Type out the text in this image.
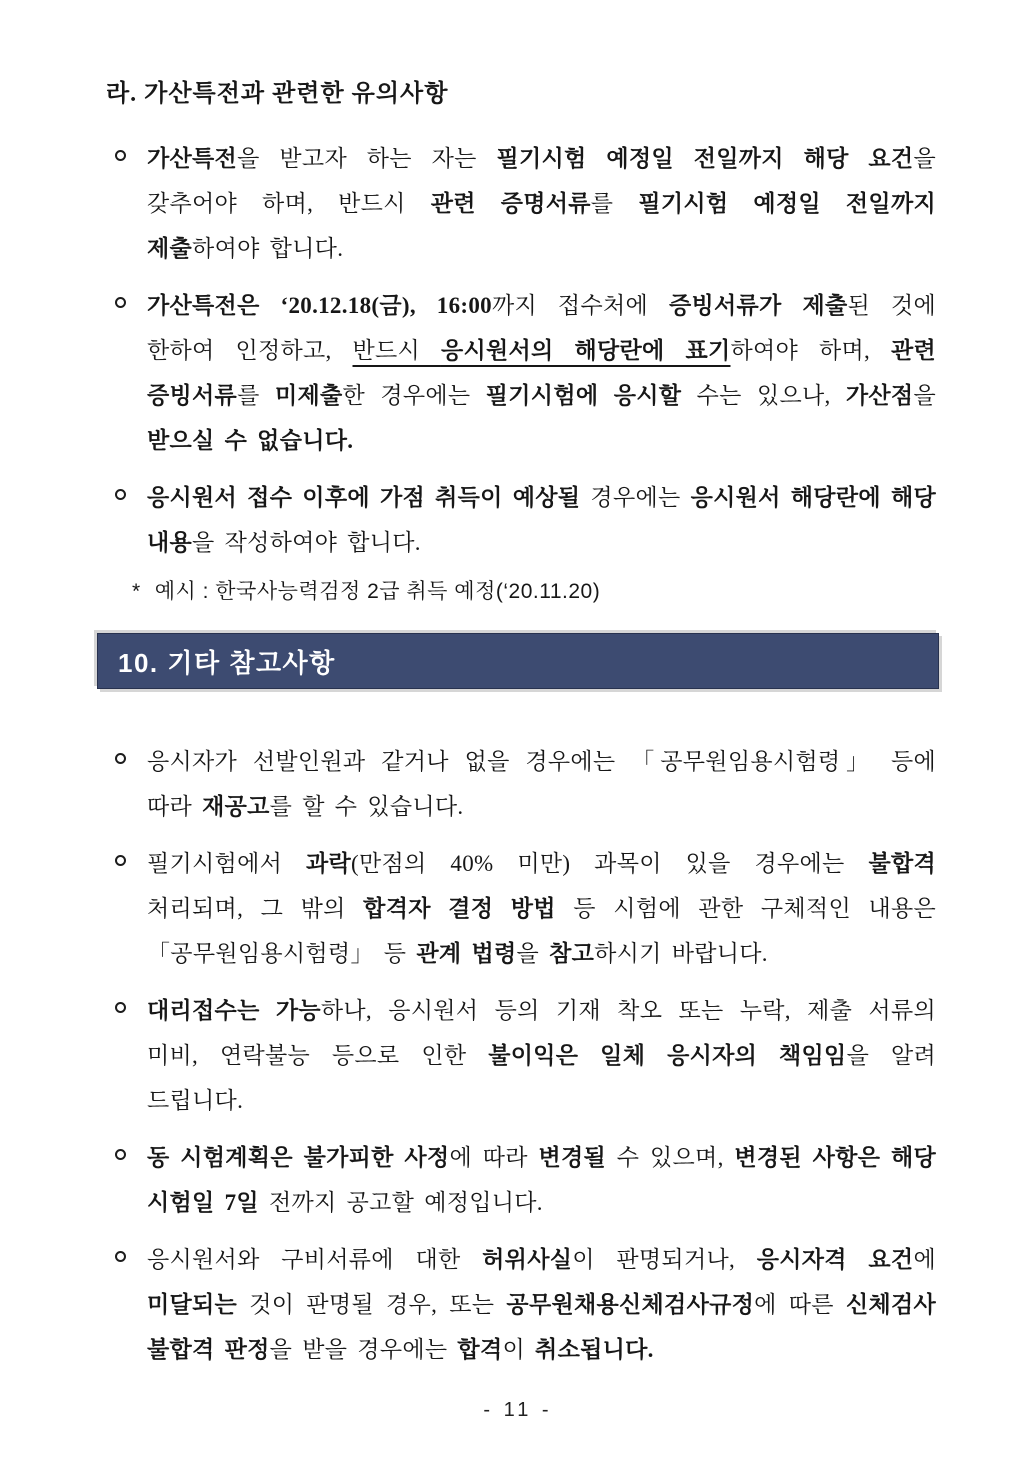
라. 가산특전과 관련한 유의사항

가산특전을 받고자 하는 자는 필기시험 예정일 전일까지 해당 요건을 갖추어야 하며, 반드시 관련 증명서류를 필기시험 예정일 전일까지 제출하여야 합니다.

가산특전은 ‘20.12.18(금), 16:00까지 접수처에 증빙서류가 제출된 것에 한하여 인정하고, 반드시 응시원서의 해당란에 표기하여야 하며, 관련 증빙서류를 미제출한 경우에는 필기시험에 응시할 수는 있으나, 가산점을 받으실 수 없습니다.

응시원서 접수 이후에 가점 취득이 예상될 경우에는 응시원서 해당란에 해당 내용을 작성하여야 합니다.

* 예시 : 한국사능력검정 2급 취득 예정(‘20.11.20)

10. 기타 참고사항

응시자가 선발인원과 같거나 없을 경우에는 「공무원임용시험령」 등에 따라 재공고를 할 수 있습니다.

필기시험에서 과락(만점의 40% 미만) 과목이 있을 경우에는 불합격 처리되며, 그 밖의 합격자 결정 방법 등 시험에 관한 구체적인 내용은 「공무원임용시험령」 등 관계 법령을 참고하시기 바랍니다.

대리접수는 가능하나, 응시원서 등의 기재 착오 또는 누락, 제출 서류의 미비, 연락불능 등으로 인한 불이익은 일체 응시자의 책임임을 알려 드립니다.

동 시험계획은 불가피한 사정에 따라 변경될 수 있으며, 변경된 사항은 해당 시험일 7일 전까지 공고할 예정입니다.

응시원서와 구비서류에 대한 허위사실이 판명되거나, 응시자격 요건에 미달되는 것이 판명될 경우, 또는 공무원채용신체검사규정에 따른 신체검사 불합격 판정을 받을 경우에는 합격이 취소됩니다.

- 11 -
